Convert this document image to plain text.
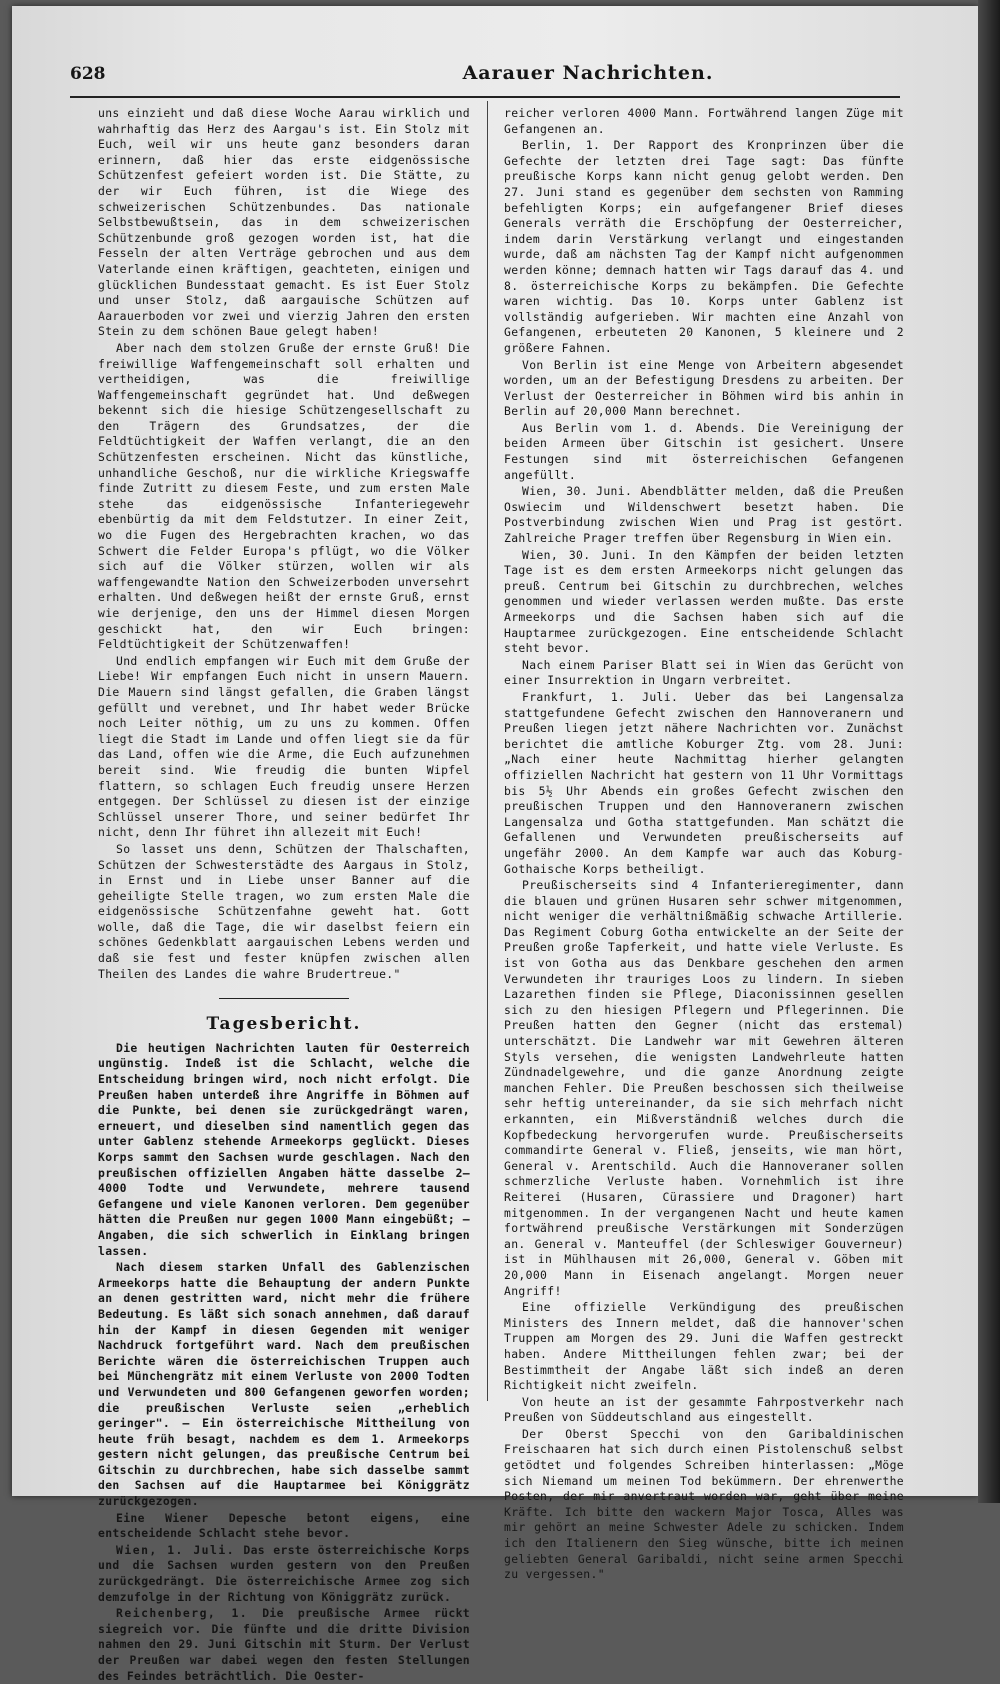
628	Aarauer Nachrichten.

uns einzieht und daß diese Woche Aarau wirklich und wahrhaftig das Herz des Aargau's ist. Ein Stolz mit Euch, weil wir uns heute ganz besonders daran erinnern, daß hier das erste eidgenössische Schützenfest gefeiert worden ist. Die Stätte, zu der wir Euch führen, ist die Wiege des schweizerischen Schützenbundes. Das nationale Selbstbewußtsein, das in dem schweizerischen Schützenbunde groß gezogen worden ist, hat die Fesseln der alten Verträge gebrochen und aus dem Vaterlande einen kräftigen, geachteten, einigen und glücklichen Bundesstaat gemacht. Es ist Euer Stolz und unser Stolz, daß aargauische Schützen auf Aarauerboden vor zwei und vierzig Jahren den ersten Stein zu dem schönen Baue gelegt haben!

Aber nach dem stolzen Gruße der ernste Gruß! Die freiwillige Waffengemeinschaft soll erhalten und vertheidigen, was die freiwillige Waffengemeinschaft gegründet hat. Und deßwegen bekennt sich die hiesige Schützengesellschaft zu den Trägern des Grundsatzes, der die Feldtüchtigkeit der Waffen verlangt, die an den Schützenfesten erscheinen. Nicht das künstliche, unhandliche Geschoß, nur die wirkliche Kriegswaffe finde Zutritt zu diesem Feste, und zum ersten Male stehe das eidgenössische Infanteriegewehr ebenbürtig da mit dem Feldstutzer. In einer Zeit, wo die Fugen des Hergebrachten krachen, wo das Schwert die Felder Europa's pflügt, wo die Völker sich auf die Völker stürzen, wollen wir als waffengewandte Nation den Schweizerboden unversehrt erhalten. Und deßwegen heißt der ernste Gruß, ernst wie derjenige, den uns der Himmel diesen Morgen geschickt hat, den wir Euch bringen: Feldtüchtigkeit der Schützenwaffen!

Und endlich empfangen wir Euch mit dem Gruße der Liebe! Wir empfangen Euch nicht in unsern Mauern. Die Mauern sind längst gefallen, die Graben längst gefüllt und verebnet, und Ihr habet weder Brücke noch Leiter nöthig, um zu uns zu kommen. Offen liegt die Stadt im Lande und offen liegt sie da für das Land, offen wie die Arme, die Euch aufzunehmen bereit sind. Wie freudig die bunten Wipfel flattern, so schlagen Euch freudig unsere Herzen entgegen. Der Schlüssel zu diesen ist der einzige Schlüssel unserer Thore, und seiner bedürfet Ihr nicht, denn Ihr führet ihn allezeit mit Euch!

So lasset uns denn, Schützen der Thalschaften, Schützen der Schwesterstädte des Aargaus in Stolz, in Ernst und in Liebe unser Banner auf die geheiligte Stelle tragen, wo zum ersten Male die eidgenössische Schützenfahne geweht hat. Gott wolle, daß die Tage, die wir daselbst feiern ein schönes Gedenkblatt aargauischen Lebens werden und daß sie fest und fester knüpfen zwischen allen Theilen des Landes die wahre Brudertreue."

Tagesbericht.

Die heutigen Nachrichten lauten für Oesterreich ungünstig. Indeß ist die Schlacht, welche die Entscheidung bringen wird, noch nicht erfolgt. Die Preußen haben unterdeß ihre Angriffe in Böhmen auf die Punkte, bei denen sie zurückgedrängt waren, erneuert, und dieselben sind namentlich gegen das unter Gablenz stehende Armeekorps geglückt. Dieses Korps sammt den Sachsen wurde geschlagen. Nach den preußischen offiziellen Angaben hätte dasselbe 2—4000 Todte und Verwundete, mehrere tausend Gefangene und viele Kanonen verloren. Dem gegenüber hätten die Preußen nur gegen 1000 Mann eingebüßt; — Angaben, die sich schwerlich in Einklang bringen lassen.

Nach diesem starken Unfall des Gablenzischen Armeekorps hatte die Behauptung der andern Punkte an denen gestritten ward, nicht mehr die frühere Bedeutung. Es läßt sich sonach annehmen, daß darauf hin der Kampf in diesen Gegenden mit weniger Nachdruck fortgeführt ward. Nach dem preußischen Berichte wären die österreichischen Truppen auch bei Münchengrätz mit einem Verluste von 2000 Todten und Verwundeten und 800 Gefangenen geworfen worden; die preußischen Verluste seien „erheblich geringer". — Ein österreichische Mittheilung von heute früh besagt, nachdem es dem 1. Armeekorps gestern nicht gelungen, das preußische Centrum bei Gitschin zu durchbrechen, habe sich dasselbe sammt den Sachsen auf die Hauptarmee bei Königgrätz zurückgezogen.

Eine Wiener Depesche betont eigens, eine entscheidende Schlacht stehe bevor.

Wien, 1. Juli. Das erste österreichische Korps und die Sachsen wurden gestern von den Preußen zurückgedrängt. Die österreichische Armee zog sich demzufolge in der Richtung von Königgrätz zurück.

Reichenberg, 1. Die preußische Armee rückt siegreich vor. Die fünfte und die dritte Division nahmen den 29. Juni Gitschin mit Sturm. Der Verlust der Preußen war dabei wegen den festen Stellungen des Feindes beträchtlich. Die Oester-

reicher verloren 4000 Mann. Fortwährend langen Züge mit Gefangenen an.

Berlin, 1. Der Rapport des Kronprinzen über die Gefechte der letzten drei Tage sagt: Das fünfte preußische Korps kann nicht genug gelobt werden. Den 27. Juni stand es gegenüber dem sechsten von Ramming befehligten Korps; ein aufgefangener Brief dieses Generals verräth die Erschöpfung der Oesterreicher, indem darin Verstärkung verlangt und eingestanden wurde, daß am nächsten Tag der Kampf nicht aufgenommen werden könne; demnach hatten wir Tags darauf das 4. und 8. österreichische Korps zu bekämpfen. Die Gefechte waren wichtig. Das 10. Korps unter Gablenz ist vollständig aufgerieben. Wir machten eine Anzahl von Gefangenen, erbeuteten 20 Kanonen, 5 kleinere und 2 größere Fahnen.

Von Berlin ist eine Menge von Arbeitern abgesendet worden, um an der Befestigung Dresdens zu arbeiten. Der Verlust der Oesterreicher in Böhmen wird bis anhin in Berlin auf 20,000 Mann berechnet.

Aus Berlin vom 1. d. Abends. Die Vereinigung der beiden Armeen über Gitschin ist gesichert. Unsere Festungen sind mit österreichischen Gefangenen angefüllt.

Wien, 30. Juni. Abendblätter melden, daß die Preußen Oswiecim und Wildenschwert besetzt haben. Die Postverbindung zwischen Wien und Prag ist gestört. Zahlreiche Prager treffen über Regensburg in Wien ein.

Wien, 30. Juni. In den Kämpfen der beiden letzten Tage ist es dem ersten Armeekorps nicht gelungen das preuß. Centrum bei Gitschin zu durchbrechen, welches genommen und wieder verlassen werden mußte. Das erste Armeekorps und die Sachsen haben sich auf die Hauptarmee zurückgezogen. Eine entscheidende Schlacht steht bevor.

Nach einem Pariser Blatt sei in Wien das Gerücht von einer Insurrektion in Ungarn verbreitet.

Frankfurt, 1. Juli. Ueber das bei Langensalza stattgefundene Gefecht zwischen den Hannoveranern und Preußen liegen jetzt nähere Nachrichten vor. Zunächst berichtet die amtliche Koburger Ztg. vom 28. Juni: „Nach einer heute Nachmittag hierher gelangten offiziellen Nachricht hat gestern von 11 Uhr Vormittags bis 5½ Uhr Abends ein großes Gefecht zwischen den preußischen Truppen und den Hannoveranern zwischen Langensalza und Gotha stattgefunden. Man schätzt die Gefallenen und Verwundeten preußischerseits auf ungefähr 2000. An dem Kampfe war auch das Koburg-Gothaische Korps betheiligt.

Preußischerseits sind 4 Infanterieregimenter, dann die blauen und grünen Husaren sehr schwer mitgenommen, nicht weniger die verhältnißmäßig schwache Artillerie. Das Regiment Coburg Gotha entwickelte an der Seite der Preußen große Tapferkeit, und hatte viele Verluste. Es ist von Gotha aus das Denkbare geschehen den armen Verwundeten ihr trauriges Loos zu lindern. In sieben Lazarethen finden sie Pflege, Diaconissinnen gesellen sich zu den hiesigen Pflegern und Pflegerinnen. Die Preußen hatten den Gegner (nicht das erstemal) unterschätzt. Die Landwehr war mit Gewehren älteren Styls versehen, die wenigsten Landwehrleute hatten Zündnadelgewehre, und die ganze Anordnung zeigte manchen Fehler. Die Preußen beschossen sich theilweise sehr heftig untereinander, da sie sich mehrfach nicht erkannten, ein Mißverständniß welches durch die Kopfbedeckung hervorgerufen wurde. Preußischerseits commandirte General v. Fließ, jenseits, wie man hört, General v. Arentschild. Auch die Hannoveraner sollen schmerzliche Verluste haben. Vornehmlich ist ihre Reiterei (Husaren, Cürassiere und Dragoner) hart mitgenommen. In der vergangenen Nacht und heute kamen fortwährend preußische Verstärkungen mit Sonderzügen an. General v. Manteuffel (der Schleswiger Gouverneur) ist in Mühlhausen mit 26,000, General v. Göben mit 20,000 Mann in Eisenach angelangt. Morgen neuer Angriff!

Eine offizielle Verkündigung des preußischen Ministers des Innern meldet, daß die hannover'schen Truppen am Morgen des 29. Juni die Waffen gestreckt haben. Andere Mittheilungen fehlen zwar; bei der Bestimmtheit der Angabe läßt sich indeß an deren Richtigkeit nicht zweifeln.

Von heute an ist der gesammte Fahrpostverkehr nach Preußen von Süddeutschland aus eingestellt.

Der Oberst Specchi von den Garibaldinischen Freischaaren hat sich durch einen Pistolenschuß selbst getödtet und folgendes Schreiben hinterlassen: „Möge sich Niemand um meinen Tod bekümmern. Der ehrenwerthe Posten, der mir anvertraut worden war, geht über meine Kräfte. Ich bitte den wackern Major Tosca, Alles was mir gehört an meine Schwester Adele zu schicken. Indem ich den Italienern den Sieg wünsche, bitte ich meinen geliebten General Garibaldi, nicht seine armen Specchi zu vergessen."
